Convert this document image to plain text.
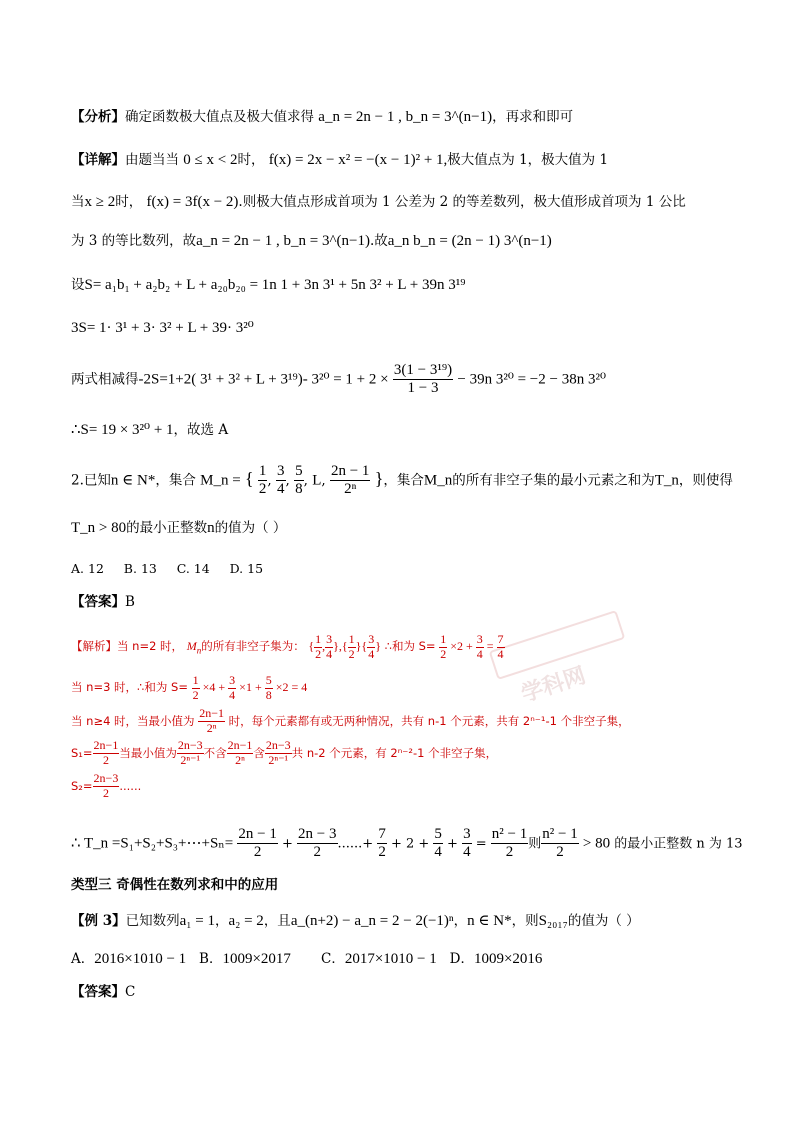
【分析】确定函数极大值点及极大值求得 a_n = 2n − 1 , b_n = 3^(n−1)，再求和即可
【详解】由题当当 0 ≤ x < 2时， f(x) = 2x − x² = −(x − 1)² + 1,极大值点为 1，极大值为 1
当x ≥ 2时， f(x) = 3f(x − 2).则极大值点形成首项为 1 公差为 2 的等差数列，极大值形成首项为 1 公比
为 3 的等比数列，故a_n = 2n − 1 , b_n = 3^(n−1).故a_n b_n = (2n − 1) 3^(n−1)
设S= a₁b₁ + a₂b₂ + L + a₂₀b₂₀ = 1n 1 + 3n 3¹ + 5n 3² + L + 39n 3¹⁹
3S= 1· 3¹ + 3· 3² + L + 39· 3²⁰
两式相减得-2S=1+2( 3¹ + 3² + L + 3¹⁹)- $3^{20} = 1 + 2 \times \frac{\text{3(1 − 3¹⁹)}}{1 - 3} - 39n$ 3²⁰ = −2 − 38n 3²⁰
∴S= 19 × 3²⁰ + 1，故选 A
2.已知n ∈ N*，集合 M_n = { $\frac{1}{2}$ , $\frac{3}{4}$ , $\frac{5}{8}$ , L, $\frac{2n - 1}{\text{2ⁿ}}$ }，集合M_n的所有非空子集的最小元素之和为T_n，则使得
T_n > 80的最小正整数n的值为（ ）
A. 12 B. 13 C. 14 D. 15
【答案】B
学科网
【解析】当 n=2 时， $M_n$的所有非空子集为： { $\frac{1}{2}$ , $\frac{3}{4}$ },{ $\frac{1}{2}$ }{ $\frac{3}{4}$ } ∴和为 $S= \frac{1}{2} \times 2 + \frac{3}{4} = \frac{7}{4}$
当 n=3 时，∴和为 $S= \frac{1}{2} \times 4 + \frac{3}{4} \times 1 + \frac{5}{8} \times 2 = 4$
当 n≥4 时，当最小值为 $\frac{2n-1}{\text{2ⁿ}}$ 时，每个元素都有或无两种情况，共有 n-1 个元素，共有 2ⁿ⁻¹-1 个非空子集，
$S_1= \frac{2n-1}{2}$ 当最小值为 $\frac{2n-3}{\text{2ⁿ⁻¹}}$ 不含 $\frac{2n-1}{\text{2ⁿ}}$ 含 $\frac{2n-3}{\text{2ⁿ⁻¹}}$ 共 n-2 个元素，有 2ⁿ⁻²-1 个非空子集，
$S_2= \frac{2n-3}{2}$ ......
∴ T_n =S₁+S₂+S₃+⋯+Sₙ= $\frac{2n - 1}{2} + \frac{2n - 3}{2}$ ......+ $\frac{7}{2} + 2 + \frac{5}{4} + \frac{3}{4} = \frac{\text{n² − 1}}{2}$ 则 $\frac{\text{n² − 1}}{2} > 80$ 的最小正整数 n 为 13
类型三 奇偶性在数列求和中的应用
【例 3】已知数列a₁ = 1，a₂ = 2，且a_(n+2) − a_n = 2 − 2(−1)ⁿ，n ∈ N*，则S₂₀₁₇的值为（ ）
A．2016×1010 − 1 B．1009×2017 C．2017×1010 − 1 D．1009×2016
【答案】C
